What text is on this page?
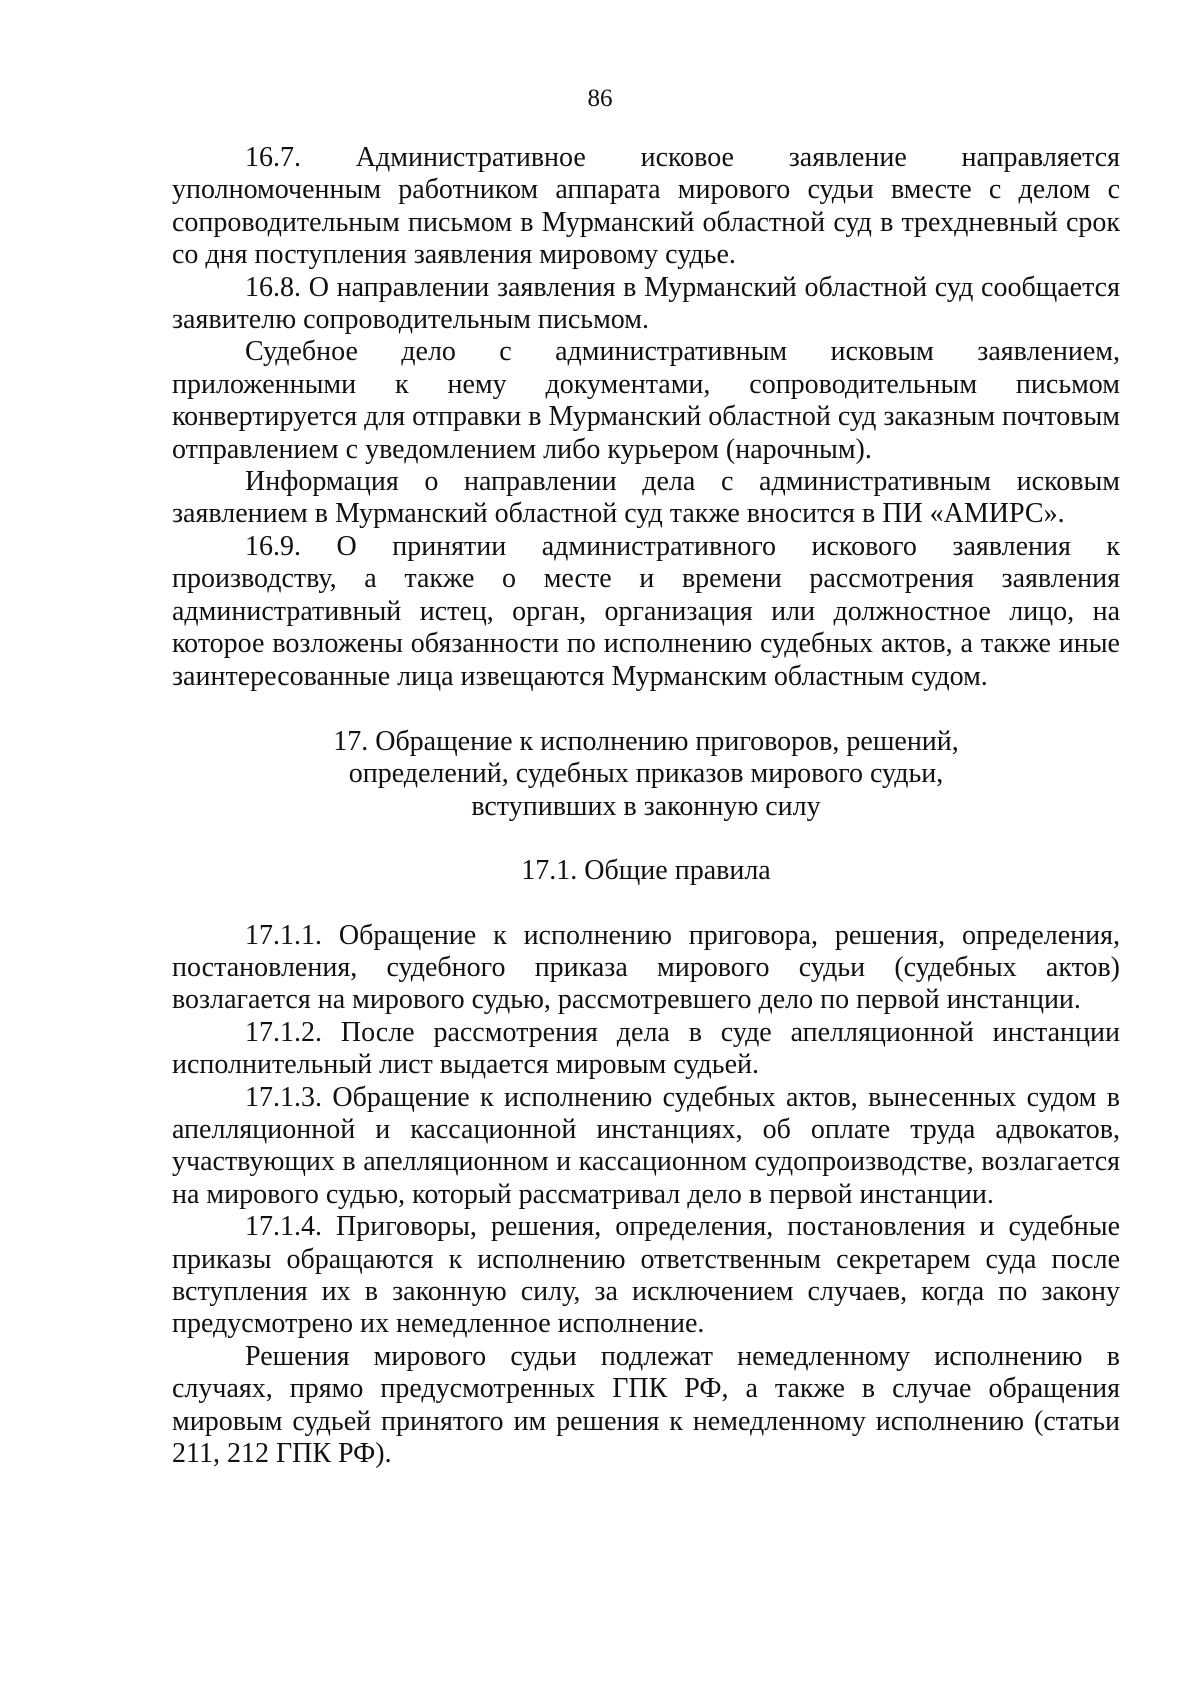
86

16.7. Административное исковое заявление направляется уполномоченным работником аппарата мирового судьи вместе с делом с сопроводительным письмом в Мурманский областной суд в трехдневный срок со дня поступления заявления мировому судье.

16.8. О направлении заявления в Мурманский областной суд сообщается заявителю сопроводительным письмом.

Судебное дело с административным исковым заявлением, приложенными к нему документами, сопроводительным письмом конвертируется для отправки в Мурманский областной суд заказным почтовым отправлением с уведомлением либо курьером (нарочным).

Информация о направлении дела с административным исковым заявлением в Мурманский областной суд также вносится в ПИ «АМИРС».

16.9. О принятии административного искового заявления к производству, а также о месте и времени рассмотрения заявления административный истец, орган, организация или должностное лицо, на которое возложены обязанности по исполнению судебных актов, а также иные заинтересованные лица извещаются Мурманским областным судом.

17. Обращение к исполнению приговоров, решений,
определений, судебных приказов мирового судьи,
вступивших в законную силу
17.1. Общие правила

17.1.1. Обращение к исполнению приговора, решения, определения, постановления, судебного приказа мирового судьи (судебных актов) возлагается на мирового судью, рассмотревшего дело по первой инстанции.

17.1.2. После рассмотрения дела в суде апелляционной инстанции исполнительный лист выдается мировым судьей.

17.1.3. Обращение к исполнению судебных актов, вынесенных судом в апелляционной и кассационной инстанциях, об оплате труда адвокатов, участвующих в апелляционном и кассационном судопроизводстве, возлагается на мирового судью, который рассматривал дело в первой инстанции.

17.1.4. Приговоры, решения, определения, постановления и судебные приказы обращаются к исполнению ответственным секретарем суда после вступления их в законную силу, за исключением случаев, когда по закону предусмотрено их немедленное исполнение.

Решения мирового судьи подлежат немедленному исполнению в случаях, прямо предусмотренных ГПК РФ, а также в случае обращения мировым судьей принятого им решения к немедленному исполнению (статьи 211, 212 ГПК РФ).
